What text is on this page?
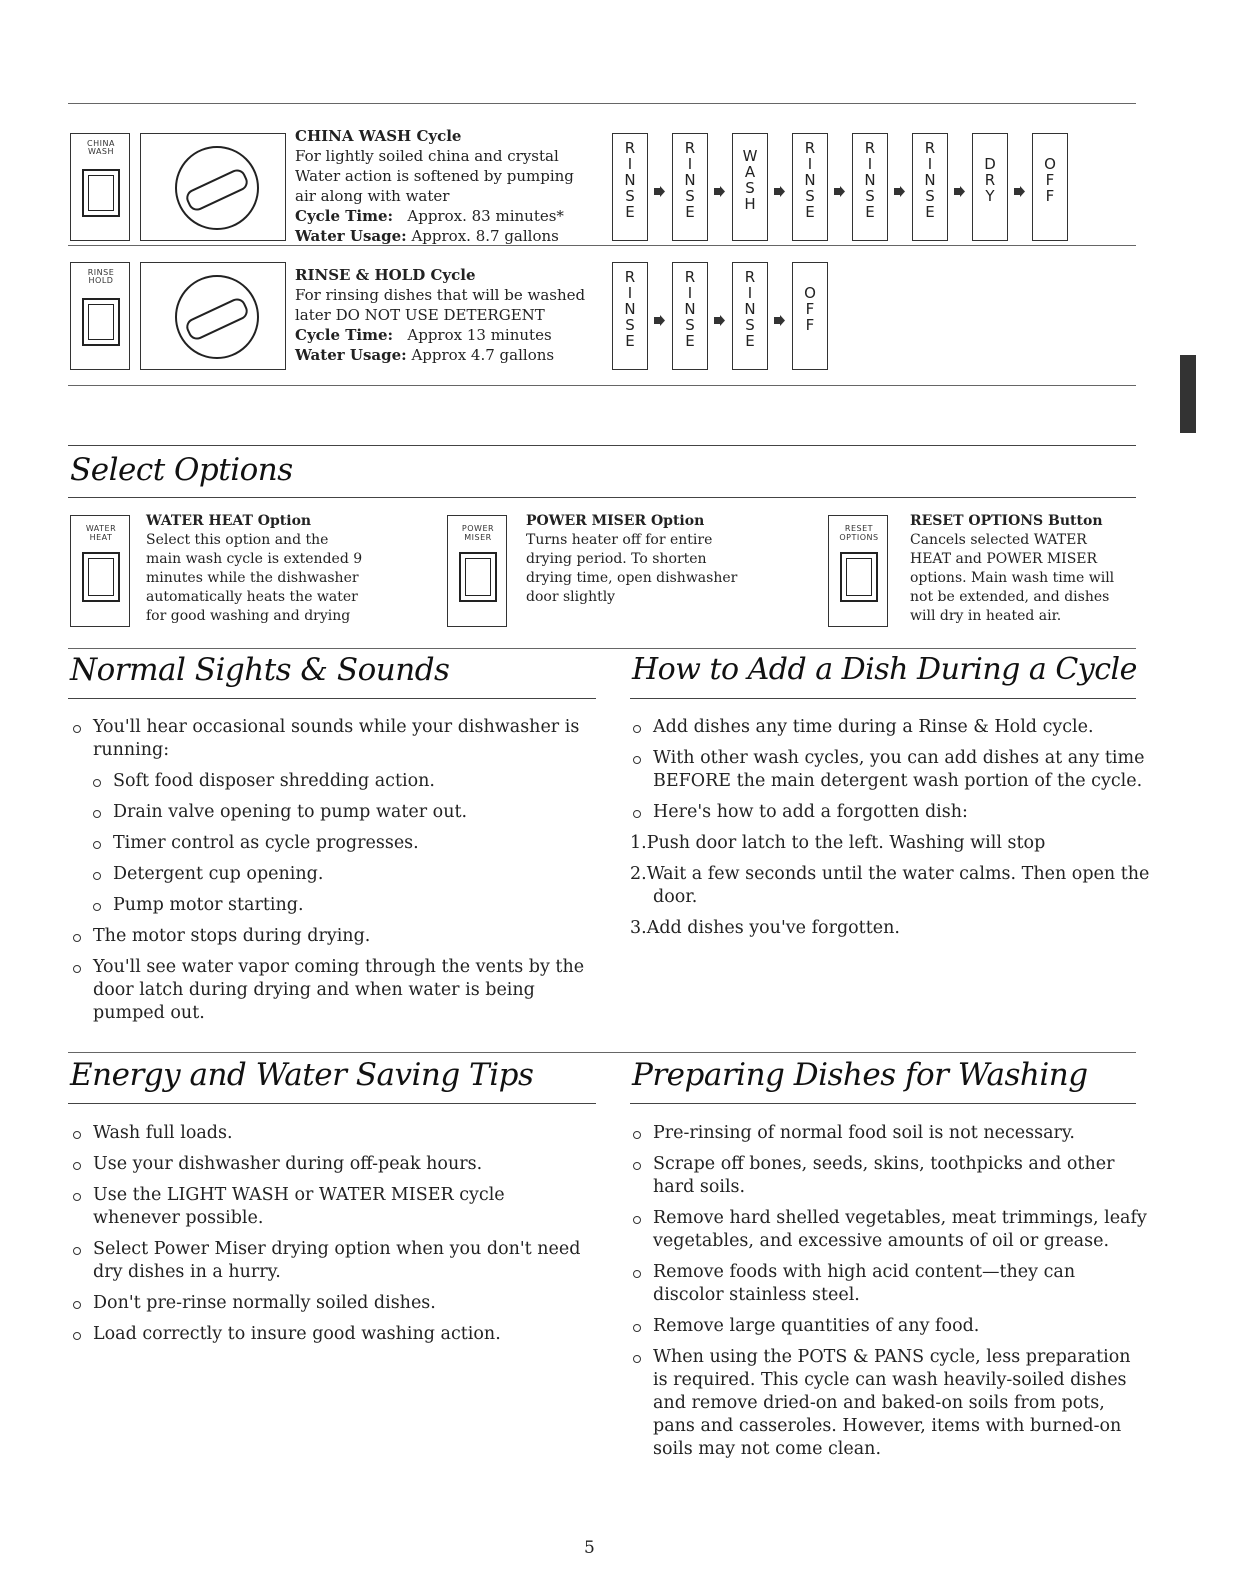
CHINA WASH
CHINA WASH Cycle
For lightly soiled china and crystal
Water action is softened by pumping
air along with water
Cycle Time: Approx. 83 minutes*
Water Usage: Approx. 8.7 gallons
R
I
N
S
E
R
I
N
S
E
W
A
S
H
R
I
N
S
E
R
I
N
S
E
R
I
N
S
E
D
R
Y
O
F
F
RINSE HOLD	RINSE & HOLD Cycle
For rinsing dishes that will be washed
later DO NOT USE DETERGENT
Cycle Time: Approx 13 minutes
Water Usage: Approx 4.7 gallons
R
I
N
S
E
R
I
N
S
E
R
I
N
S
E
O
F
F
Select Options
WATER HEAT
WATER HEAT Option
Select this option and the
main wash cycle is extended 9
minutes while the dishwasher
automatically heats the water
for good washing and drying
POWER MISER
POWER MISER Option
Turns heater off for entire
drying period. To shorten
drying time, open dishwasher
door slightly
RESET OPTIONS
RESET OPTIONS Button
Cancels selected WATER
HEAT and POWER MISER
options. Main wash time will
not be extended, and dishes
will dry in heated air.
Normal Sights & Sounds
You'll hear occasional sounds while your dishwasher is running:
Soft food disposer shredding action.
Drain valve opening to pump water out.
Timer control as cycle progresses.
Detergent cup opening.
Pump motor starting.
The motor stops during drying.
You'll see water vapor coming through the vents by the door latch during drying and when water is being pumped out.
How to Add a Dish During a Cycle
Add dishes any time during a Rinse & Hold cycle.
With other wash cycles, you can add dishes at any time BEFORE the main detergent wash portion of the cycle.
Here's how to add a forgotten dish:
1.Push door latch to the left. Washing will stop
2.Wait a few seconds until the water calms. Then open the door.
3.Add dishes you've forgotten.
Energy and Water Saving Tips
Wash full loads.
Use your dishwasher during off-peak hours.
Use the LIGHT WASH or WATER MISER cycle whenever possible.
Select Power Miser drying option when you don't need dry dishes in a hurry.
Don't pre-rinse normally soiled dishes.
Load correctly to insure good washing action.
Preparing Dishes for Washing
Pre-rinsing of normal food soil is not necessary.
Scrape off bones, seeds, skins, toothpicks and other hard soils.
Remove hard shelled vegetables, meat trimmings, leafy vegetables, and excessive amounts of oil or grease.
Remove foods with high acid content—they can discolor stainless steel.
Remove large quantities of any food.
When using the POTS & PANS cycle, less preparation is required. This cycle can wash heavily-soiled dishes and remove dried-on and baked-on soils from pots, pans and casseroles. However, items with burned-on soils may not come clean.
5
